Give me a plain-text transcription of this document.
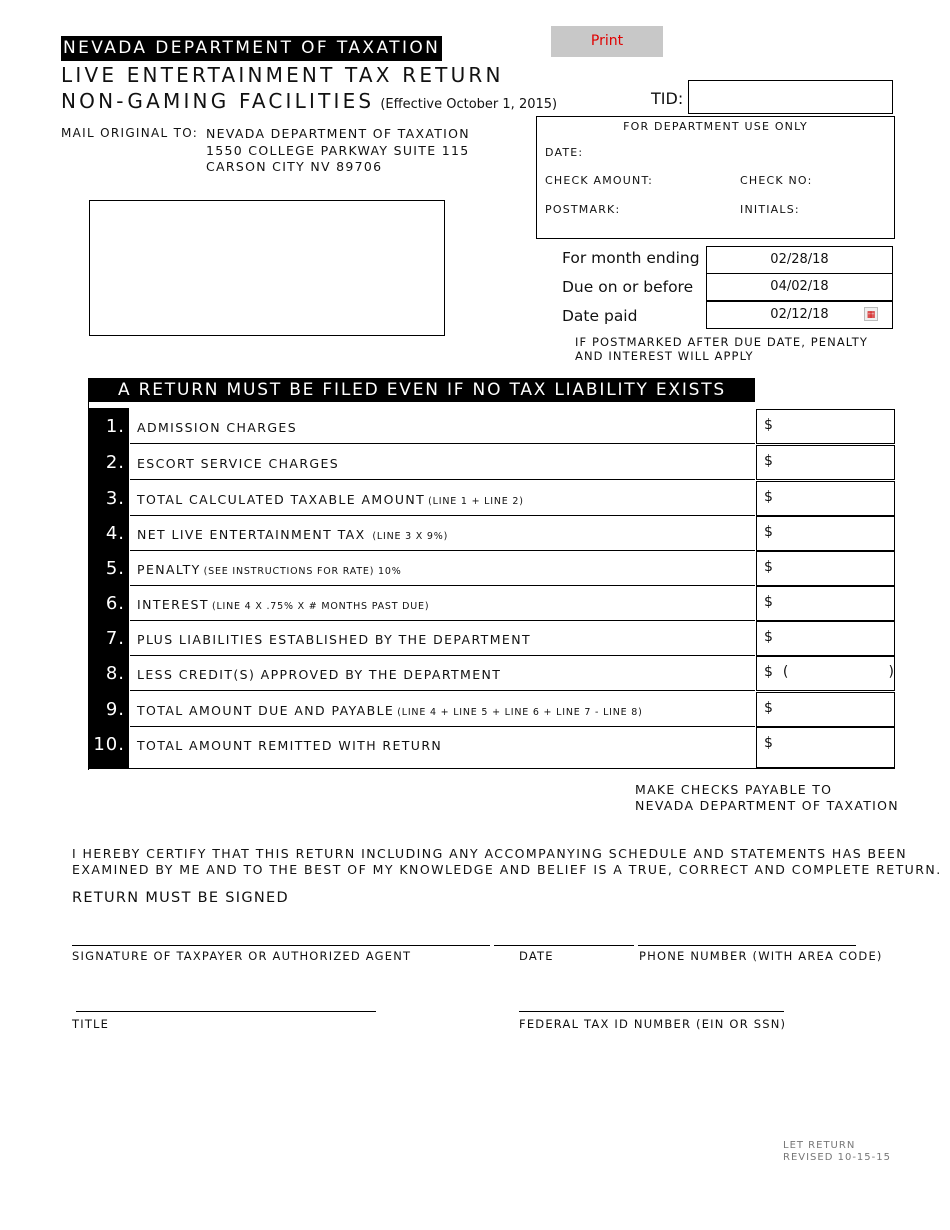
NEVADA DEPARTMENT OF TAXATION
LIVE ENTERTAINMENT TAX RETURN
NON-GAMING FACILITIES (Effective October 1, 2015)
Print
TID:
MAIL ORIGINAL TO: NEVADA DEPARTMENT OF TAXATION
1550 COLLEGE PARKWAY SUITE 115
CARSON CITY NV 89706
FOR DEPARTMENT USE ONLY
DATE:
CHECK AMOUNT:	CHECK NO:
POSTMARK:	INITIALS:
For month ending	02/28/18
Due on or before	04/02/18
Date paid	02/12/18	▦
IF POSTMARKED AFTER DUE DATE, PENALTY
AND INTEREST WILL APPLY
A RETURN MUST BE FILED EVEN IF NO TAX LIABILITY EXISTS
1. ADMISSION CHARGES	$
2. ESCORT SERVICE CHARGES	$
3. TOTAL CALCULATED TAXABLE AMOUNT (LINE 1 + LINE 2)	$
4. NET LIVE ENTERTAINMENT TAX (LINE 3 X 9%)	$
5. PENALTY (SEE INSTRUCTIONS FOR RATE) 10%	$
6. INTEREST (LINE 4 X .75% X # MONTHS PAST DUE)	$
7. PLUS LIABILITIES ESTABLISHED BY THE DEPARTMENT	$
8. LESS CREDIT(S) APPROVED BY THE DEPARTMENT	$ (	)
9. TOTAL AMOUNT DUE AND PAYABLE (LINE 4 + LINE 5 + LINE 6 + LINE 7 - LINE 8)	$
10. TOTAL AMOUNT REMITTED WITH RETURN	$
MAKE CHECKS PAYABLE TO
NEVADA DEPARTMENT OF TAXATION
I HEREBY CERTIFY THAT THIS RETURN INCLUDING ANY ACCOMPANYING SCHEDULE AND STATEMENTS HAS BEEN
EXAMINED BY ME AND TO THE BEST OF MY KNOWLEDGE AND BELIEF IS A TRUE, CORRECT AND COMPLETE RETURN.
RETURN MUST BE SIGNED
SIGNATURE OF TAXPAYER OR AUTHORIZED AGENT	DATE	PHONE NUMBER (WITH AREA CODE)
TITLE	FEDERAL TAX ID NUMBER (EIN OR SSN)
LET RETURN
REVISED 10-15-15
